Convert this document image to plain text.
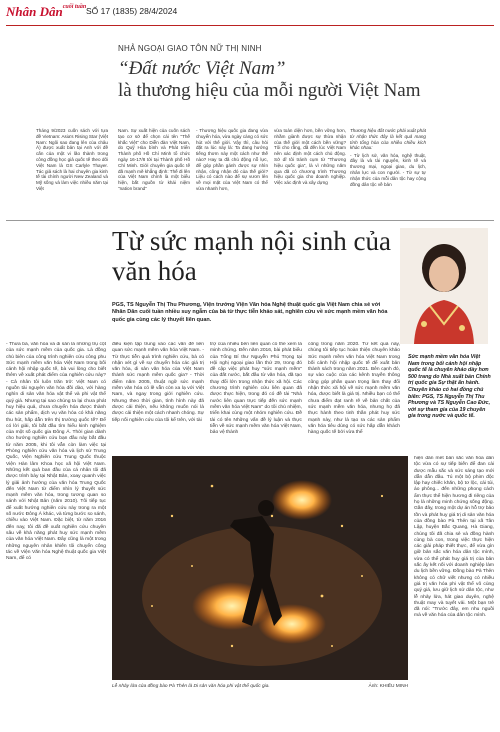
Nhân Dân$^{cuối tuần}$ SỐ 17 (1835) 28/4/2024
NHẢ NGOẠI GIAO TÔN NỮ THỊ NINH
“Đất nước Việt Nam”
là thương hiệu của mỗi người Việt Nam

Tháng 9/2023 cuốn sách với tựa đề Vietnam: Asia's Rising Star (Việt Nam: Ngôi sao đang lên của châu Á) được xuất bản tại Anh với đề cấn của một vi lão thành trong công đồng học giả quốc tế theo dõi Việt Nam là GS Carlyle Thayer. Tác giả sách là hai chuyên gia kinh tế tài chính người New Zealand và Mỹ sống và làm việc nhiều năm tại Việt

Nam. Sự xuất hiện của cuốn sách tạo cơ sở để chọn cái tên "Thế khắc Việt" cho Diễn đàn Việt Nam, do Quỹ Hòa bình và Phát triển Thành phố Hồ Chí Minh tổ chức ngày 16-17/8 tới tại Thành phố Hồ Chí Minh. Giới chuyên gia quốc tế đã mạnh mẽ khẳng định: Thế đi lên của Việt Nam chính là một biểu hiện, bắt nguồn từ khái niệm "nation brand"

- Thương hiệu quốc gia đang vừa chuyển hóa, vừa ngày càng có sức hút với thế giới. Vậy thì, câu hỏi đặt ra lúc này là: Ta đang hướng tiếng thơm này một cách như thế nào? Hay ta đã chủ động nỗ lực, để góp phần gánh được sự nhìn nhận, công nhận đó của thế giới? Liệu có cách nào để sự vươn lên về mọi mặt của Việt Nam có thể vừa nhanh hơn,

vừa toàn diện hơn, bền vững hơn, nhằm giành được sự thừa nhận của thế giới một cách bền vững? Tôi cho rằng, đã đến lúc Việt Nam nên xác định một cách chủ động. Sở dĩ tôi tránh cụm từ "Thương hiệu quốc gia", là vì những năm qua đã có chương trình Thương hiệu quốc gia cho doanh nghiệp. Việc xác định và xây dựng

Thương hiệu đất nước phải xuất phát từ nhận thức đây là kết quả mang tính tổng hòa của nhiều chiều kích khác nhau:

- Từ lịch sử, văn hóa, nghệ thuật, đây là và tài nguyên, kinh tế và thương mại, ngoại giao, du lịch, nhân lực và con người. - Từ sự tự nhận thức của mỗi dân tộc hay cộng đồng dân tộc về bản

Từ sức mạnh nội sinh của văn hóa
PGS, TS Nguyễn Thị Thu Phương, Viện trưởng Viện Văn hóa Nghệ thuật quốc gia Việt Nam chia sẻ với Nhân Dân cuối tuần nhiều suy ngẫm của bà từ thực tiễn khảo sát, nghiên cứu về sức mạnh mềm văn hóa quốc gia cùng các lý thuyết liên quan.
Sức mạnh mềm văn hóa Việt Nam trong bối cảnh hội nhập quốc tế là chuyên khảo dày hơn 500 trang do Nhà xuất bản Chính trị quốc gia Sự thật ấn hành. Chuyên khảo có hai đồng chủ biên: PGS, TS Nguyễn Thị Thu Phương và TS Nguyễn Cao Đức, với sự tham gia của 19 chuyên gia trong nước và quốc tế.

- Thưa bà, văn hóa và di sản là những trụ cột của sức mạnh mềm của quốc gia. Là đồng chủ biên của công trình nghiên cứu công phu Sức mạnh mềm văn hóa Việt Nam trong bối cảnh hội nhập quốc tế, bà vui lòng cho biết thêm về xuất phát điểm của nghiên cứu này? - Cả nhân tôi luôn trăn trở: Việt Nam có nguồn tài nguyên văn hóa đồi dào, với hàng nghìn di sản văn hóa vật thể và phi vật thể quý giá. Nhưng tại sao chúng ta lại chưa phát huy hiệu quả, chưa chuyển hóa được thành các sản phẩm, dịch vụ văn hóa có khả năng thu hút, hấp dẫn trên thị trường quốc tế? Để có lời giải, tôi bắt đầu tìm hiểu kinh nghiệm của một số quốc gia Đông Á. Thời gian dành cho hướng nghiên cứu bạn đầu này bắt đầu từ năm 2005, khi tôi vẫn còn làm việc tại Phòng nghiên cứu văn hóa và lịch sử Trung Quốc, Viện Nghiên cứu Trung Quốc thuộc Viện Hàn lâm Khoa học xã hội Việt Nam. Những kết quả ban đầu của cá nhân tôi đã được trình bày tại Nhật Bản, xoay quanh việc lý giải ảnh hưởng của văn hóa Trung Quốc đến Việt Nam từ điểm nhìn lý thuyết sức mạnh mềm văn hóa, trong tương quan so sánh với Nhật Bản (năm 2010). Tôi tiếp tục để xuất hướng nghiên cứu này trong ra một số nước Đông Á khác, và từng bước so sánh, chiều vào Việt Nam. Đặc biệt, từ năm 2016 đến nay, tôi đã đề xuất nghiên cứu chuyên sâu về khả năng phát huy sức mạnh mềm của văn hóa Việt Nam. Đây cũng là một trong những nguyên nhân khiến tôi chuyển công tác về Viện Văn hóa Nghệ thuật quốc gia Việt Nam, để có

điều kiện tập trung vào các vấn đề liên quan sức mạnh mềm văn hóa Việt Nam. - Từ thực tiễn quá trình nghiên cứu, bà có nhận xét gì về sự chuyển hóa các giá trị văn hóa, di sản văn hóa của Việt Nam thành sức mạnh mềm quốc gia? - Thời điểm năm 2005, thuật ngữ sức mạnh mềm văn hóa có lẽ vẫn còn xa lạ với Việt Nam, và ngay trong giới nghiên cứu. Nhưng theo thời gian, tình hình này đã được cải thiện, nếu không muốn nói là được cải thiện một cách nhanh chóng. Sự tiếp nối nghiên cứu của tôi kể trên, với tài

trợ của nhiều bên liên quan có thể xem là minh chứng. Đến năm 2016, bài phát biểu của Tổng Bí thư Nguyễn Phú Trọng tại Hội nghị ngoại giao lần thứ 29, trong đó đề cập việc phát huy "sức mạnh mềm" của đất nước, bắt đầu từ văn hóa, đã tạo thay đổi lớn trong nhận thức xã hội. Các chương trình nghiên cứu liên quan đã được thực hiện, trong đó có đề tài "Nhà nước liên quan trực tiếp đến sức mạnh mềm văn hóa Việt Nam" do tôi chủ nhiệm, triển khai cùng một nhóm nghiên cứu. Đề tài có tên Những vấn đề lý luận và thực tiễn về sức mạnh mềm văn hóa Việt Nam, bảo vệ thành

công trong năm 2020. Từ kết quả này, chúng tôi tiếp tục hoàn thiện chuyên khảo Sức mạnh mềm văn hóa Việt Nam trong bối cảnh hội nhập quốc tế để xuất bản thành sách trong năm 2021. Bên cạnh đó, sự vào cuộc của các kênh truyền thông cũng góp phần quan trọng làm thay đổi nhận thức xã hội về sức mạnh mềm văn hóa, được biết là giá trị. Nhiều bạn có thể chưa điểm đạt ranh rẽ về bản chất của sức mạnh mềm văn hóa, nhưng họ đã thực hành theo tinh thần phát huy sức mạnh này, như là tạo ra các sản phẩm văn hóa tiêu dùng có sức hấp dẫn khách hàng quốc tế bởi vừa thể

hiện dẫn mét bản sắc văn hóa dân tộc vừa có sự tiếp biến để đan cài được mẫu sắc và sức sáng tạo mới dẫn dẫn đầu. Tú một bộ phim độc lập hay chiếc khăn, bộ tơ lộc, cái túi, áo phông... đến những phong cách ẩm thực thể hiện hương đi riêng của họ là những minh chứng sống động. Gần đây, trong một dự án hỗ trợ bảo tồn và phát huy giá trị di sản văn hóa của đồng bào Pà Thẻn tại xã Tân Lập, huyện Bắc Quang, Hà Giang, chúng tôi đã chia sẻ và đồng hành cùng bà con, trong việc thực hiện các giải pháp thiết thực, để vừa gìn giữ bản sắc văn hóa dân tộc mình, vừa có thể phát huy giá trị của bản sắc ấy kết nối với doanh nghiệp làm du lịch bền vững. Đồng bào Pà Thẻn không có chữ viết nhưng có nhiều giá trị văn hóa phi vật thể vô cùng quý giá, lưu giữ lịch sử dân tộc, như lễ nhảy lửa, hát giao duyên, nghệ thuật may và tuyết vải. Một bạn trẻ đã nói: "Trước đây, em nhu nguồi mà về văn hóa của dân tộc mình.

Lễ nhảy lửa của đồng bào Pà Thẻn là Di sản văn hóa phi vật thể quốc gia.	Ảnh: KHIẾU MINH
